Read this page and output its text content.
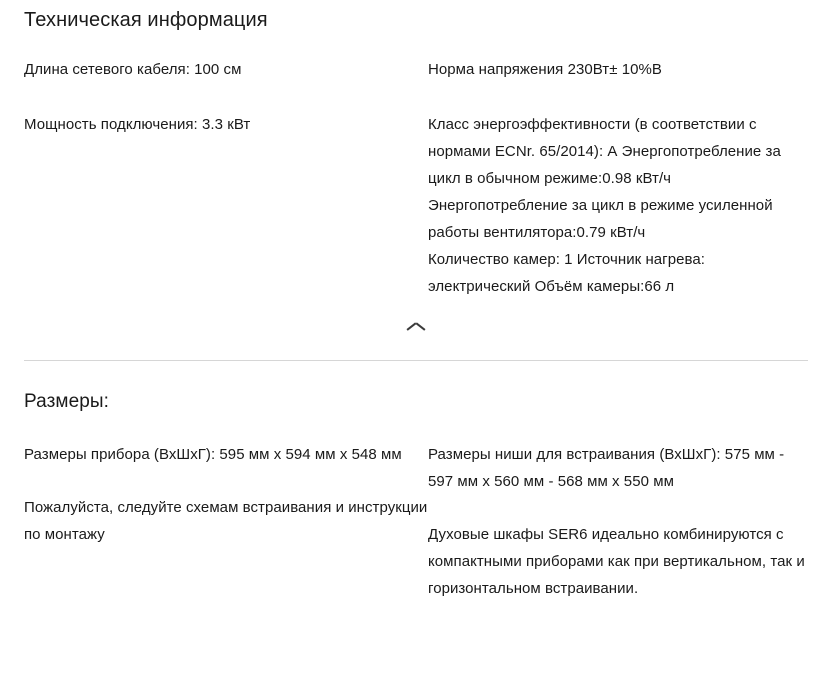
Техническая информация
Длина сетевого кабеля: 100 см
Мощность подключения: 3.3 кВт
Норма напряжения 230Вт± 10%В
Класс энергоэффективности (в соответствии с нормами ECNr. 65/2014): А Энергопотребление за цикл в обычном режиме:0.98 кВт/ч
Энергопотребление за цикл в режиме усиленной работы вентилятора:0.79 кВт/ч
Количество камер: 1 Источник нагрева: электрический Объём камеры:66 л
Размеры:
Размеры прибора (ВхШхГ): 595 мм x 594 мм x 548 мм
Пожалуйста, следуйте схемам встраивания и инструкции по монтажу
Размеры ниши для встраивания (ВхШхГ): 575 мм - 597 мм x 560 мм - 568 мм x 550 мм
Духовые шкафы SER6 идеально комбинируются с компактными приборами как при вертикальном, так и горизонтальном встраивании.
